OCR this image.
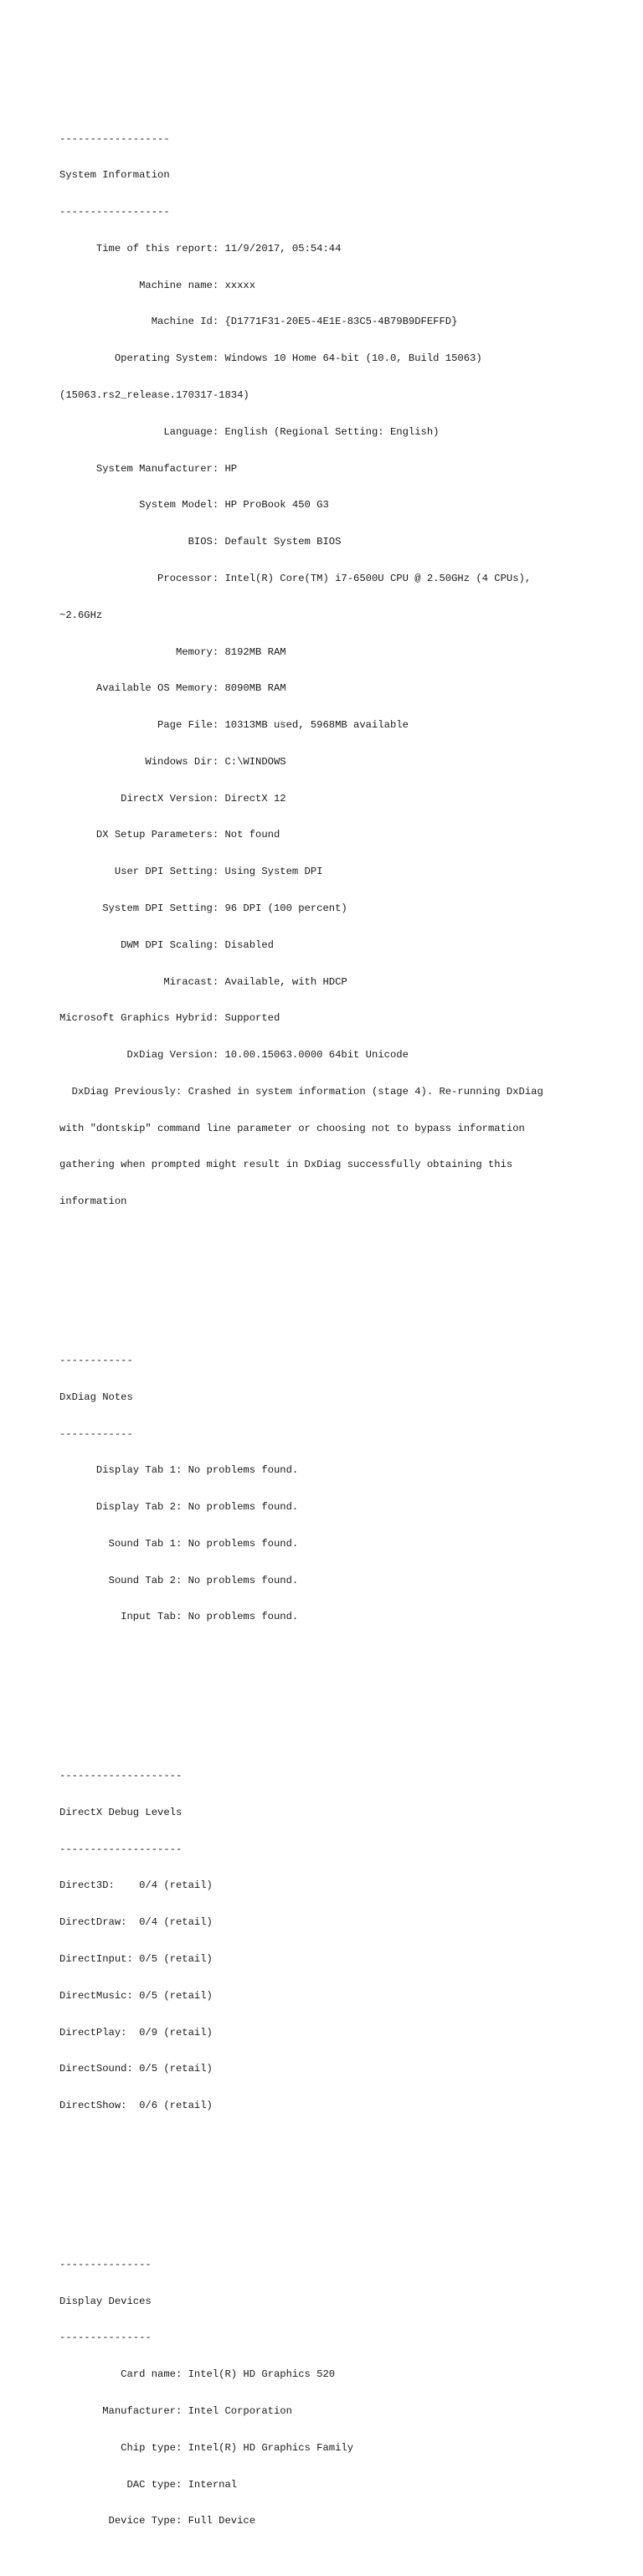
------------------

System Information

------------------

Time of this report: 11/9/2017, 05:54:44

Machine name: xxxxx

Machine Id: {D1771F31-20E5-4E1E-83C5-4B79B9DFEFFD}

Operating System: Windows 10 Home 64-bit (10.0, Build 15063)

(15063.rs2_release.170317-1834)

Language: English (Regional Setting: English)

System Manufacturer: HP

System Model: HP ProBook 450 G3

BIOS: Default System BIOS

Processor: Intel(R) Core(TM) i7-6500U CPU @ 2.50GHz (4 CPUs),

~2.6GHz

Memory: 8192MB RAM

Available OS Memory: 8090MB RAM

Page File: 10313MB used, 5968MB available

Windows Dir: C:\WINDOWS

DirectX Version: DirectX 12

DX Setup Parameters: Not found

User DPI Setting: Using System DPI

System DPI Setting: 96 DPI (100 percent)

DWM DPI Scaling: Disabled

Miracast: Available, with HDCP

Microsoft Graphics Hybrid: Supported

DxDiag Version: 10.00.15063.0000 64bit Unicode

DxDiag Previously: Crashed in system information (stage 4). Re-running DxDiag

with "dontskip" command line parameter or choosing not to bypass information

gathering when prompted might result in DxDiag successfully obtaining this

information

------------

DxDiag Notes

------------

Display Tab 1: No problems found.

Display Tab 2: No problems found.

Sound Tab 1: No problems found.

Sound Tab 2: No problems found.

Input Tab: No problems found.

--------------------

DirectX Debug Levels

--------------------

Direct3D:    0/4 (retail)

DirectDraw:  0/4 (retail)

DirectInput: 0/5 (retail)

DirectMusic: 0/5 (retail)

DirectPlay:  0/9 (retail)

DirectSound: 0/5 (retail)

DirectShow:  0/6 (retail)

---------------

Display Devices

---------------

Card name: Intel(R) HD Graphics 520

Manufacturer: Intel Corporation

Chip type: Intel(R) HD Graphics Family

DAC type: Internal

Device Type: Full Device
